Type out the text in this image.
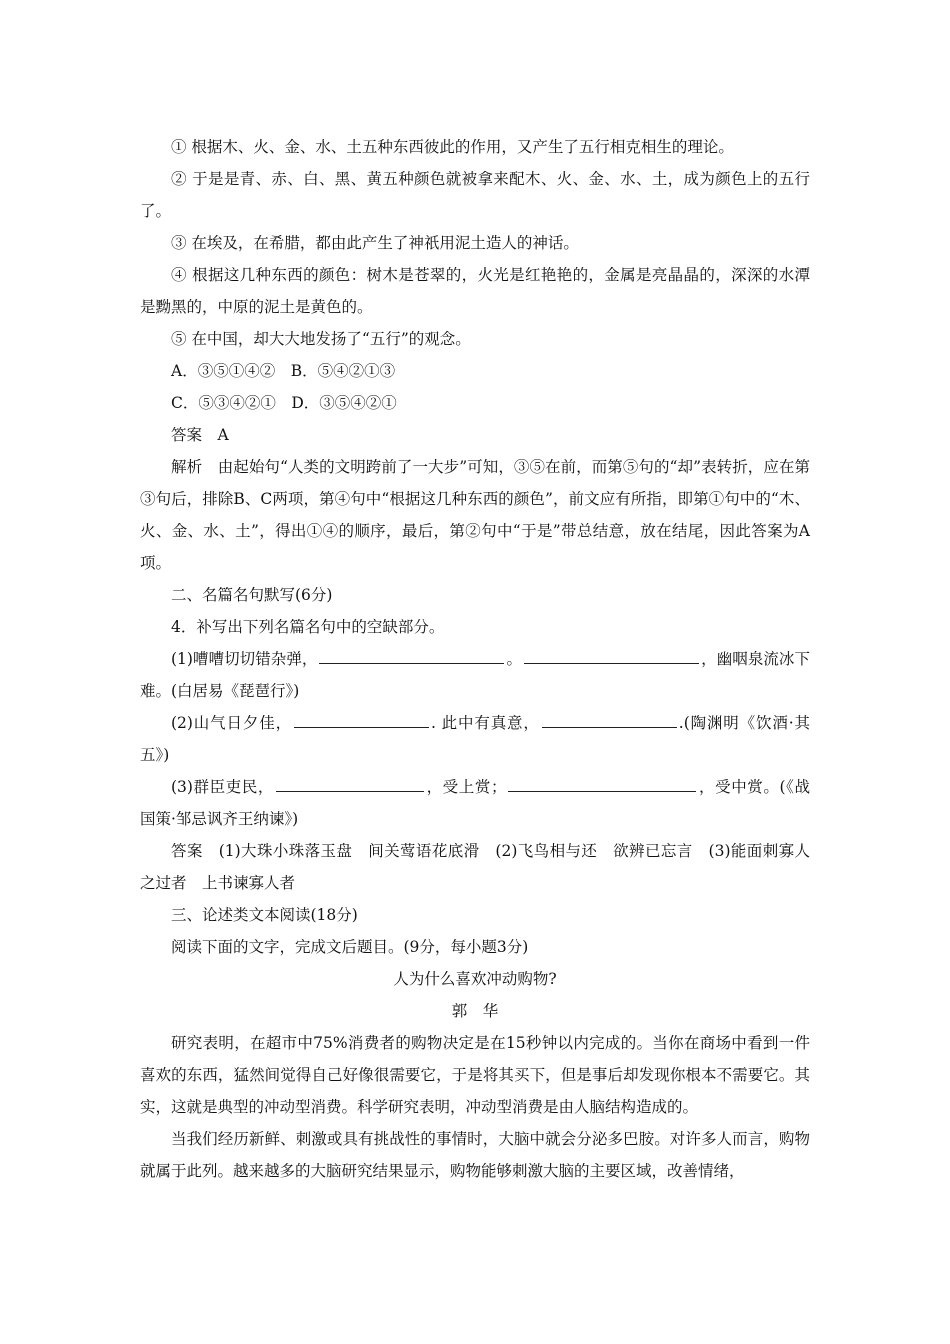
① 根据木、火、金、水、土五种东西彼此的作用，又产生了五行相克相生的理论。

② 于是是青、赤、白、黑、黄五种颜色就被拿来配木、火、金、水、土，成为颜色上的五行了。

③ 在埃及，在希腊，都由此产生了神祇用泥土造人的神话。

④ 根据这几种东西的颜色：树木是苍翠的，火光是红艳艳的，金属是亮晶晶的，深深的水潭是黝黑的，中原的泥土是黄色的。

⑤ 在中国，却大大地发扬了“五行”的观念。

A．③⑤①④②　B．⑤④②①③

C．⑤③④②①　D．③⑤④②①

答案　A

解析　由起始句“人类的文明跨前了一大步”可知，③⑤在前，而第⑤句的“却”表转折，应在第③句后，排除B、C两项，第④句中“根据这几种东西的颜色”，前文应有所指，即第①句中的“木、火、金、水、土”，得出①④的顺序，最后，第②句中“于是”带总结意，放在结尾，因此答案为A项。

二、名篇名句默写(6分)

4．补写出下列名篇名句中的空缺部分。

(1)嘈嘈切切错杂弹，	。	，幽咽泉流冰下难。(白居易《琵琶行》)

(2)山气日夕佳，	. 此中有真意，	.(陶渊明《饮酒·其五》)

(3)群臣吏民，	，受上赏；	，受中赏。(《战国策·邹忌讽齐王纳谏》)

答案　(1)大珠小珠落玉盘　间关莺语花底滑　(2)飞鸟相与还　欲辨已忘言　(3)能面刺寡人之过者　上书谏寡人者

三、论述类文本阅读(18分)

阅读下面的文字，完成文后题目。(9分，每小题3分)

人为什么喜欢冲动购物?

郭　华

研究表明，在超市中75%消费者的购物决定是在15秒钟以内完成的。当你在商场中看到一件喜欢的东西，猛然间觉得自己好像很需要它，于是将其买下，但是事后却发现你根本不需要它。其实，这就是典型的冲动型消费。科学研究表明，冲动型消费是由人脑结构造成的。

当我们经历新鲜、刺激或具有挑战性的事情时，大脑中就会分泌多巴胺。对许多人而言，购物就属于此列。越来越多的大脑研究结果显示，购物能够刺激大脑的主要区域，改善情绪，
